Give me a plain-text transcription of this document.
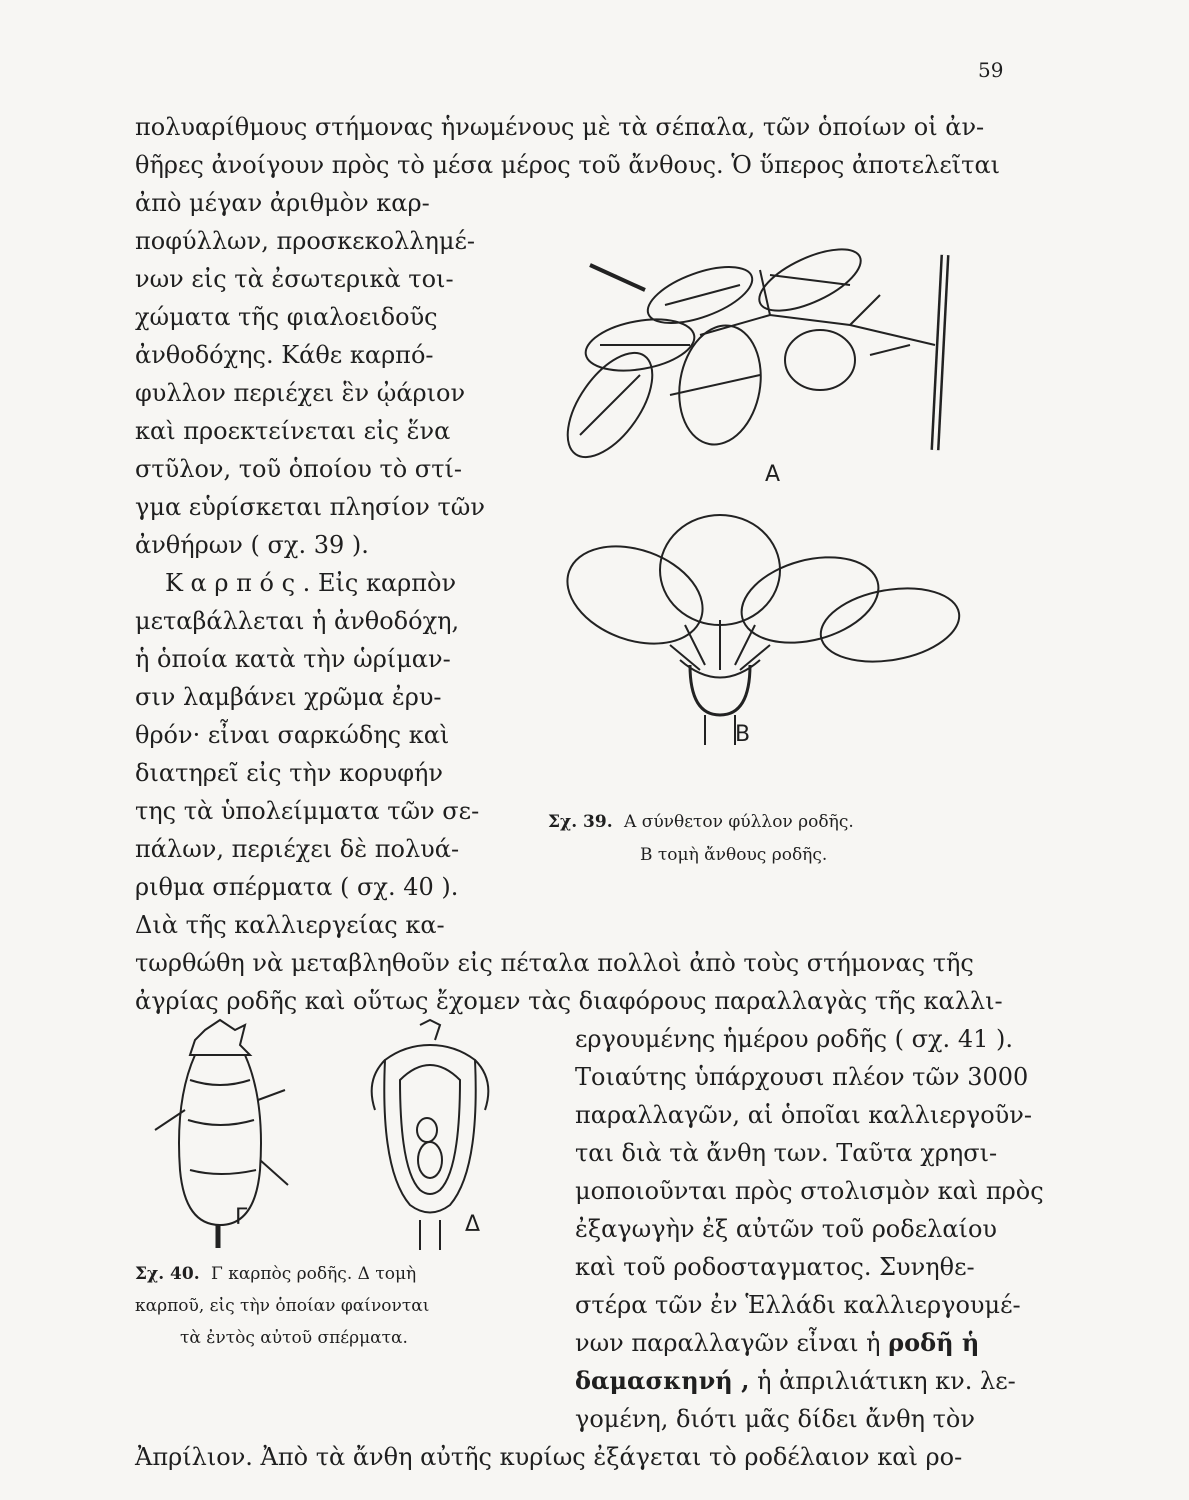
59
πολυαρίθμους στήμονας ἡνωμένους μὲ τὰ σέπαλα, τῶν ὁποίων οἱ ἀν-
θῆρες ἀνοίγουν πρὸς τὸ μέσα μέρος τοῦ ἄνθους. Ὁ ὕπερος ἀποτελεῖται
ἀπὸ μέγαν ἀριθμὸν καρ-
ποφύλλων, προσκεκολλημέ-
νων εἰς τὰ ἐσωτερικὰ τοι-
χώματα τῆς φιαλοειδοῦς
ἀνθοδόχης. Κάθε καρπό-
φυλλον περιέχει ἓν ᾠάριον
καὶ προεκτείνεται εἰς ἕνα
στῦλον, τοῦ ὁποίου τὸ στί-
γμα εὑρίσκεται πλησίον τῶν
ἀνθήρων ( σχ. 39 ).
Κ α ρ π ό ς . Εἰς καρπὸν
μεταβάλλεται ἡ ἀνθοδόχη,
ἡ ὁποία κατὰ τὴν ὡρίμαν-
σιν λαμβάνει χρῶμα ἐρυ-
θρόν· εἶναι σαρκώδης καὶ
διατηρεῖ εἰς τὴν κορυφήν
της τὰ ὑπολείμματα τῶν σε-
πάλων, περιέχει δὲ πολυά-
ριθμα σπέρματα ( σχ. 40 ).
Διὰ τῆς καλλιεργείας κα-
τωρθώθη νὰ μεταβληθοῦν εἰς πέταλα πολλοὶ ἀπὸ τοὺς στήμονας τῆς
ἀγρίας ροδῆς καὶ οὕτως ἔχομεν τὰς διαφόρους παραλλαγὰς τῆς καλλι-
εργουμένης ἡμέρου ροδῆς ( σχ. 41 ).
Τοιαύτης ὑπάρχουσι πλέον τῶν 3000
παραλλαγῶν, αἱ ὁποῖαι καλλιεργοῦν-
ται διὰ τὰ ἄνθη των. Ταῦτα χρησι-
μοποιοῦνται πρὸς στολισμὸν καὶ πρὸς
ἐξαγωγὴν ἐξ αὐτῶν τοῦ ροδελαίου
καὶ τοῦ ροδοσταγματος. Συνηθε-
στέρα τῶν ἐν Ἑλλάδι καλλιεργουμέ-
νων παραλλαγῶν εἶναι ἡ ροδῆ ἡ
δαμασκηνή , ἡ ἀπριλιάτικη κν. λε-
γομένη, διότι μᾶς δίδει ἄνθη τὸν
Ἀπρίλιον. Ἀπὸ τὰ ἄνθη αὐτῆς κυρίως ἐξάγεται τὸ ροδέλαιον καὶ ρο-
A
B
Σχ. 39. A σύνθετον φύλλον ροδῆς.
B τομὴ ἄνθους ροδῆς.
Γ	Δ
Σχ. 40. Γ καρπὸς ροδῆς. Δ τομὴ
καρποῦ, εἰς τὴν ὁποίαν φαίνονται
τὰ ἐντὸς αὐτοῦ σπέρματα.
